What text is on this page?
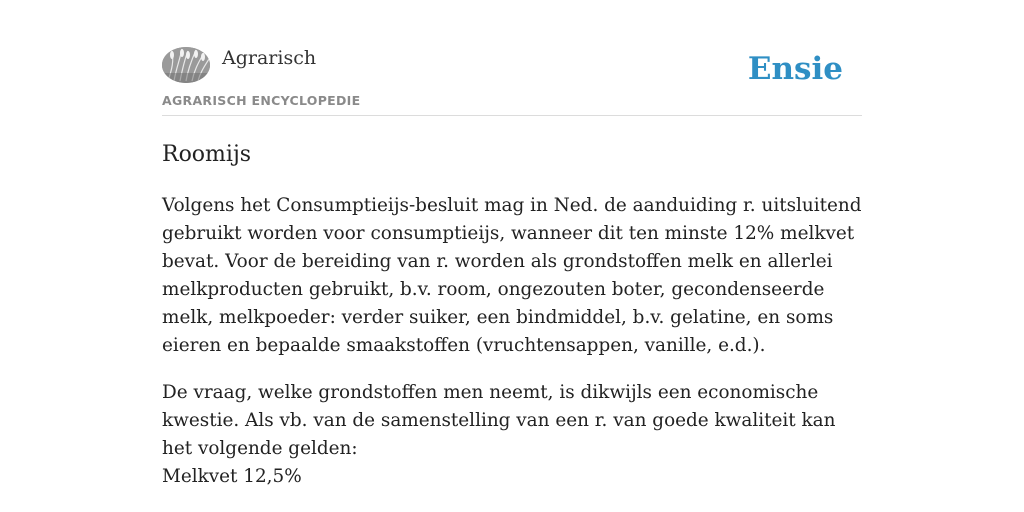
Agrarisch
AGRARISCH ENCYCLOPEDIE
Ensie
Roomijs

Volgens het Consumptieijs-besluit mag in Ned. de aanduiding r. uitsluitend gebruikt worden voor consumptieijs, wanneer dit ten minste 12% melkvet bevat. Voor de bereiding van r. worden als grondstoffen melk en allerlei melkproducten gebruikt, b.v. room, ongezouten boter, gecondenseerde melk, melkpoeder: verder suiker, een bindmiddel, b.v. gelatine, en soms eieren en bepaalde smaakstoffen (vruchtensappen, vanille, e.d.).

De vraag, welke grondstoffen men neemt, is dikwijls een economische kwestie. Als vb. van de samenstelling van een r. van goede kwaliteit kan het volgende gelden:

Melkvet 12,5%
